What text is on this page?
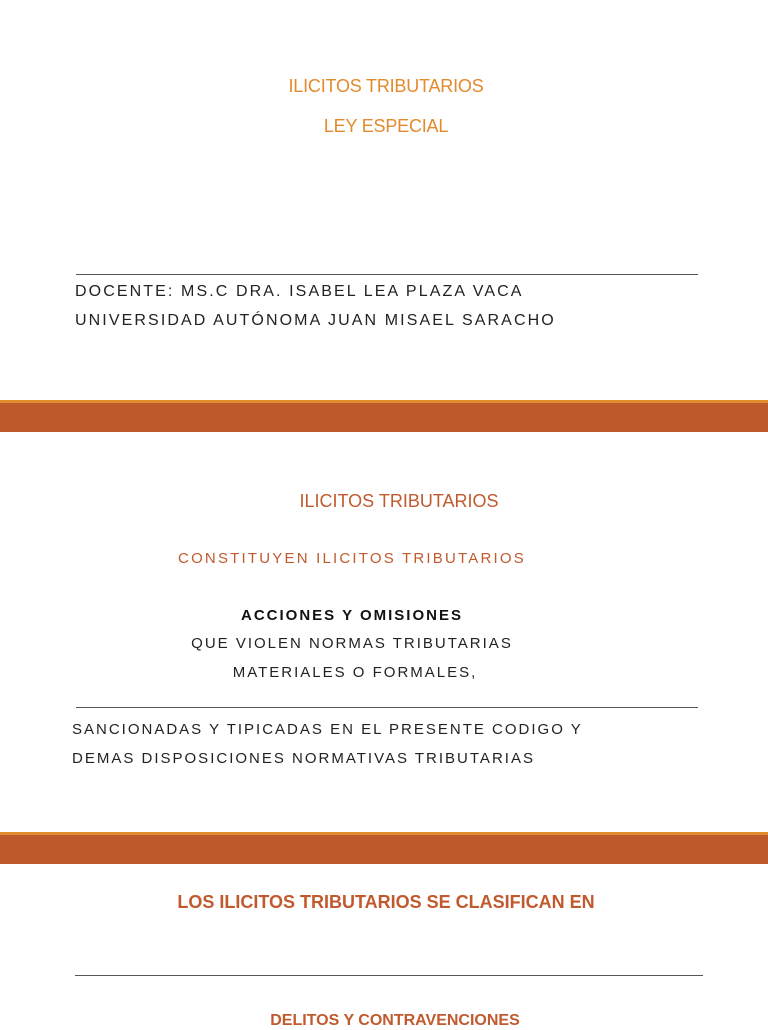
ILICITOS TRIBUTARIOS
LEY ESPECIAL
DOCENTE: MS.C DRA. ISABEL LEA PLAZA VACA
UNIVERSIDAD AUTÓNOMA JUAN MISAEL SARACHO
ILICITOS TRIBUTARIOS
CONSTITUYEN ILICITOS TRIBUTARIOS
ACCIONES Y OMISIONES
QUE VIOLEN NORMAS TRIBUTARIAS
MATERIALES O FORMALES,
SANCIONADAS Y TIPICADAS EN EL PRESENTE CODIGO Y
DEMAS DISPOSICIONES NORMATIVAS TRIBUTARIAS
LOS ILICITOS TRIBUTARIOS SE CLASIFICAN EN
DELITOS Y CONTRAVENCIONES
